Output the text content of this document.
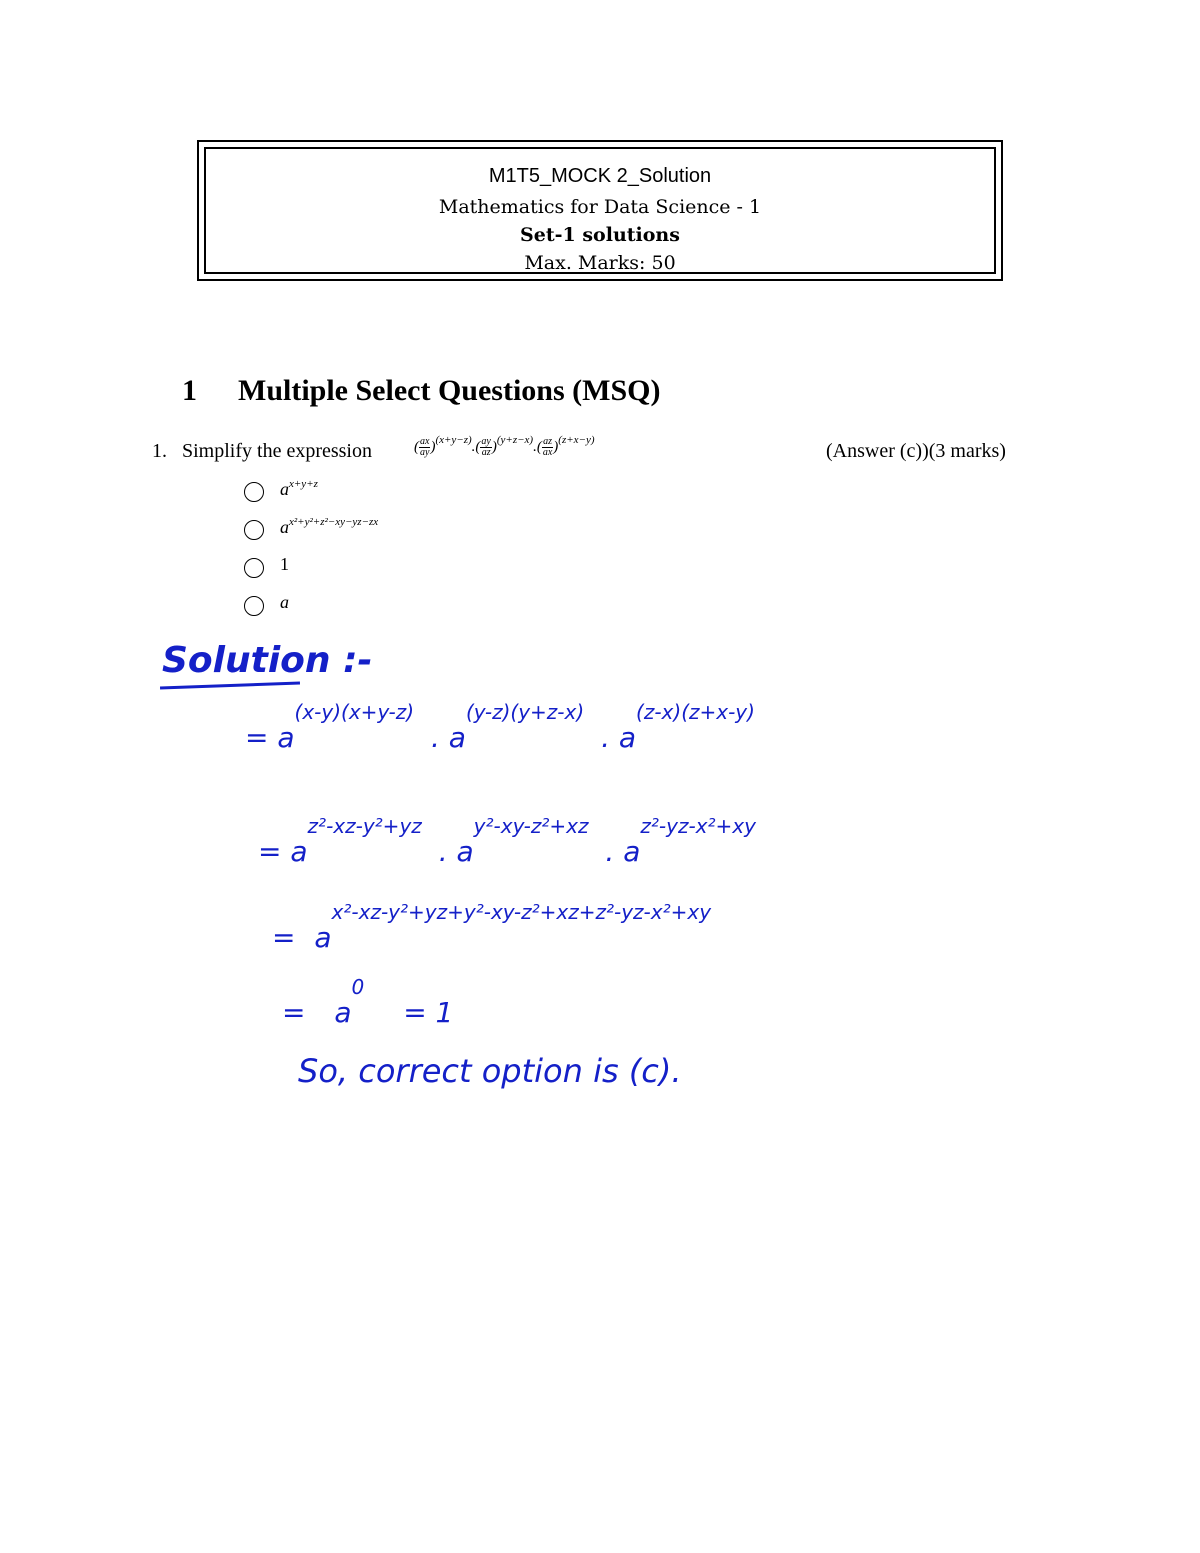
M1T5_MOCK 2_Solution
Mathematics for Data Science - 1
Set-1 solutions
Max. Marks: 50
1 Multiple Select Questions (MSQ)
1. Simplify the expression	( $\frac{ax}{ay} )^{(x+y-z)}.( \frac{ay}{az} )^{(y+z-x)}.( \frac{az}{ax} )^{(z+x-y)}$	(Answer (c))(3 marks)
$a^{x+y+z}$
$a^{x^2+y^2+z^2-xy-yz-zx}$
1
a
Solution :-
= $a^{(x-y)(x+y-z)}$ . $a^{(y-z)(y+z-x)}$ . $a^{(z-x)(z+x-y)}$
= $a^{z^2-xz-y^2+yz}$ . $a^{y^2-xy-z^2+xz}$ . $a^{z^2-yz-x^2+xy}$
= $a^{x^2-xz-y^2+yz+y^2-xy-z^2+xz+z^2-yz-x^2+xy}$
= $a^0 = 1$
So, correct option is (c).
